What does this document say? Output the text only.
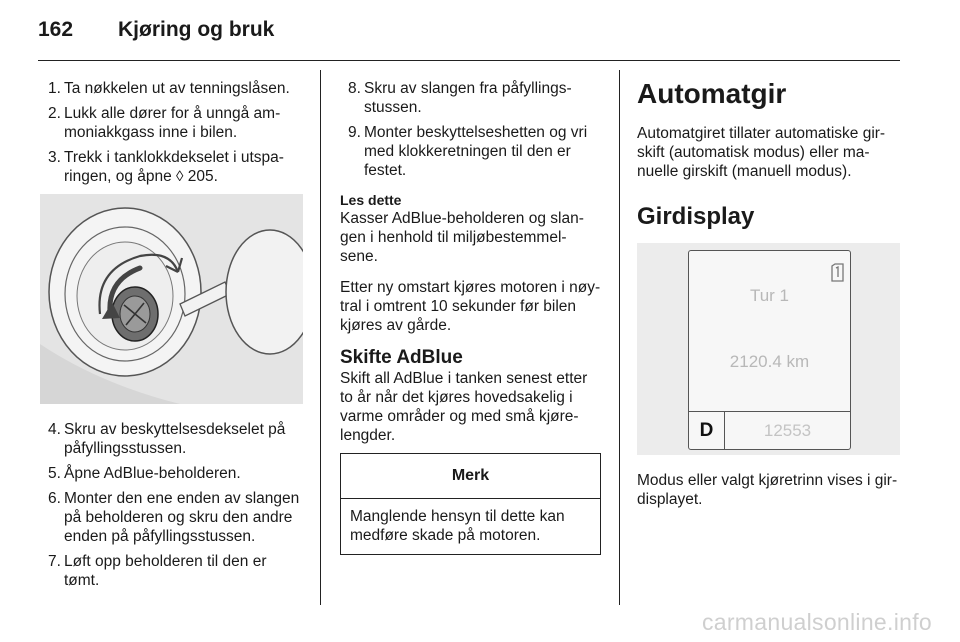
162 Kjøring og bruk
1. Ta nøkkelen ut av tenningslåsen.
2. Lukk alle dører for å unngå am-moniakkgass inne i bilen.
3. Trekk i tanklokkdekselet i utspa-ringen, og åpne ◊ 205.
4. Skru av beskyttelsesdekselet på påfyllingsstussen.
5. Åpne AdBlue-beholderen.
6. Monter den ene enden av slangen på beholderen og skru den andre enden på påfyllingsstussen.
7. Løft opp beholderen til den er tømt.
8. Skru av slangen fra påfyllings-stussen.
9. Monter beskyttelseshetten og vri med klokkeretningen til den er festet.
Les dette
Kasser AdBlue-beholderen og slan-gen i henhold til miljøbestemmel-sene.
Etter ny omstart kjøres motoren i nøy-tral i omtrent 10 sekunder før bilen kjøres av gårde.
Skifte AdBlue
Skift all AdBlue i tanken senest etter to år når det kjøres hovedsakelig i varme områder og med små kjøre-lengder.
Merk
Manglende hensyn til dette kan medføre skade på motoren.
Automatgir
Automatgiret tillater automatiske gir-skift (automatisk modus) eller ma-nuelle girskift (manuell modus).
Girdisplay
Tur 1
2120.4 km
D	12553
Modus eller valgt kjøretrinn vises i gir-displayet.
carmanualsonline.info
